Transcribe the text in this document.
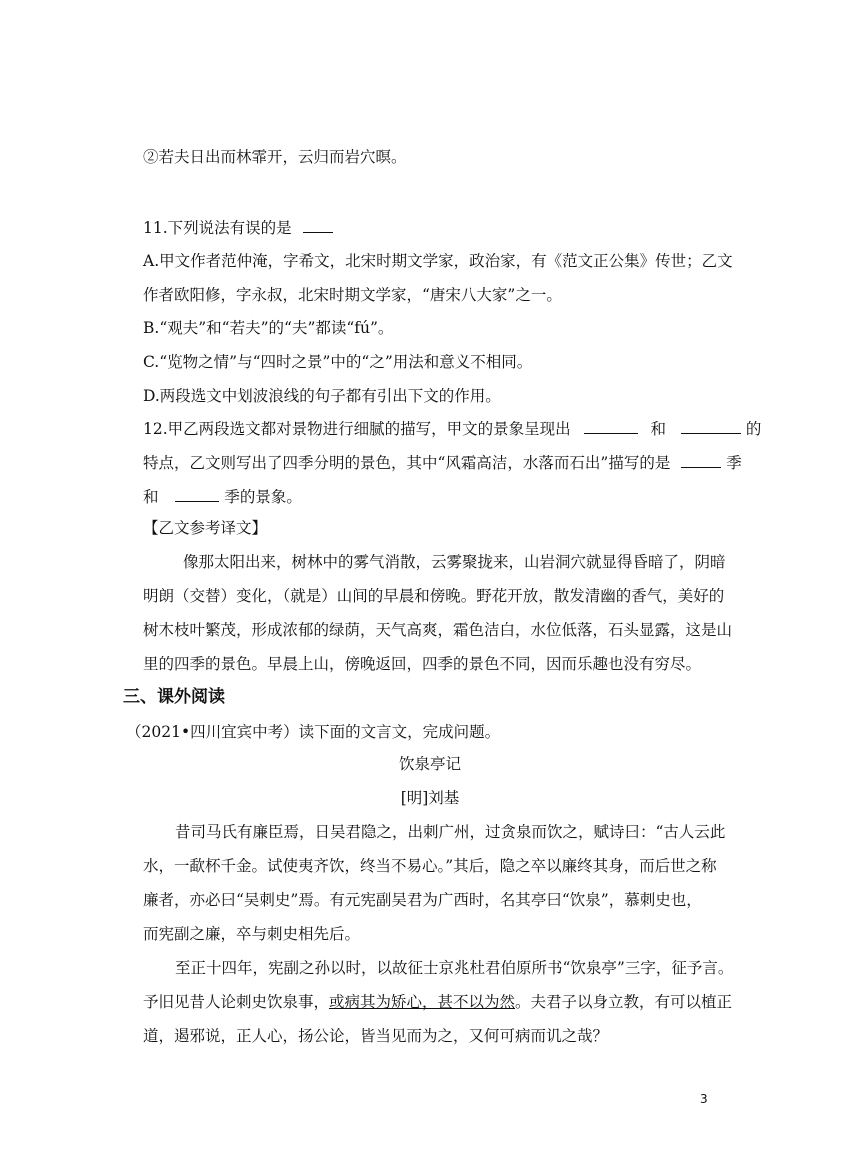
②若夫日出而林霏开，云归而岩穴暝。
11.下列说法有误的是
A.甲文作者范仲淹，字希文，北宋时期文学家，政治家，有《范文正公集》传世；乙文
作者欧阳修，字永叔，北宋时期文学家，“唐宋八大家”之一。
B.“观夫”和“若夫”的“夫”都读“fú”。
C.“览物之情”与“四时之景”中的“之”用法和意义不相同。
D.两段选文中划波浪线的句子都有引出下文的作用。
12.甲乙两段选文都对景物进行细腻的描写，甲文的景象呈现出	和	的
特点，乙文则写出了四季分明的景色，其中“风霜高洁，水落而石出”描写的是	季
和	季的景象。
【乙文参考译文】
像那太阳出来，树林中的雾气消散，云雾聚拢来，山岩洞穴就显得昏暗了，阴暗
明朗（交替）变化，（就是）山间的早晨和傍晚。野花开放，散发清幽的香气，美好的
树木枝叶繁茂，形成浓郁的绿荫，天气高爽，霜色洁白，水位低落，石头显露，这是山
里的四季的景色。早晨上山，傍晚返回，四季的景色不同，因而乐趣也没有穷尽。
三、课外阅读
（2021•四川宜宾中考）读下面的文言文，完成问题。
饮泉亭记
[明]刘基
昔司马氏有廉臣焉，日吴君隐之，出刺广州，过贪泉而饮之，赋诗曰：“古人云此
水，一歃杯千金。试使夷齐饮，终当不易心。”其后，隐之卒以廉终其身，而后世之称
廉者，亦必曰“吴刺史”焉。有元宪副吴君为广西时，名其亭曰“饮泉”，慕刺史也，
而宪副之廉，卒与刺史相先后。
至正十四年，宪副之孙以时，以故征士京兆杜君伯原所书“饮泉亭”三字，征予言。
予旧见昔人论刺史饮泉事，或病其为矫心，甚不以为然。夫君子以身立教，有可以植正
道，遏邪说，正人心，扬公论，皆当见而为之，又何可病而讥之哉？
3
